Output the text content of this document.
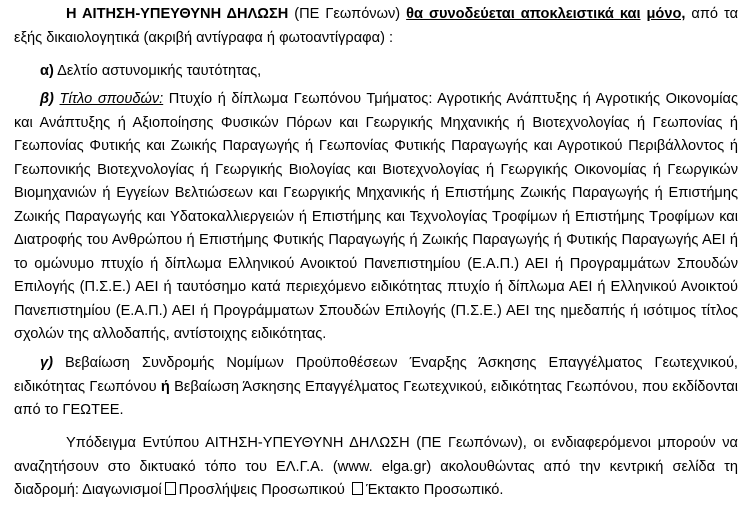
Η ΑΙΤΗΣΗ-ΥΠΕΥΘΥΝΗ ΔΗΛΩΣΗ (ΠΕ Γεωπόνων) θα συνοδεύεται αποκλειστικά και μόνο, από τα εξής δικαιολογητικά (ακριβή αντίγραφα ή φωτοαντίγραφα) :

α) Δελτίο αστυνομικής ταυτότητας,

β) Τίτλο σπουδών: Πτυχίο ή δίπλωμα Γεωπόνου Τμήματος: Αγροτικής Ανάπτυξης ή Αγροτικής Οικονομίας και Ανάπτυξης ή Αξιοποίησης Φυσικών Πόρων και Γεωργικής Μηχανικής ή Βιοτεχνολογίας ή Γεωπονίας ή Γεωπονίας Φυτικής και Ζωικής Παραγωγής ή Γεωπονίας Φυτικής Παραγωγής και Αγροτικού Περιβάλλοντος ή Γεωπονικής Βιοτεχνολογίας ή Γεωργικής Βιολογίας και Βιοτεχνολογίας ή Γεωργικής Οικονομίας ή Γεωργικών Βιομηχανιών ή Εγγείων Βελτιώσεων και Γεωργικής Μηχανικής ή Επιστήμης Ζωικής Παραγωγής ή Επιστήμης Ζωικής Παραγωγής και Υδατοκαλλιεργειών ή Επιστήμης και Τεχνολογίας Τροφίμων ή Επιστήμης Τροφίμων και Διατροφής του Ανθρώπου ή Επιστήμης Φυτικής Παραγωγής ή Ζωικής Παραγωγής ή Φυτικής Παραγωγής ΑΕΙ ή το ομώνυμο πτυχίο ή δίπλωμα Ελληνικού Ανοικτού Πανεπιστημίου (Ε.Α.Π.) ΑΕΙ ή Προγραμμάτων Σπουδών Επιλογής (Π.Σ.Ε.) ΑΕΙ ή ταυτόσημο κατά περιεχόμενο ειδικότητας πτυχίο ή δίπλωμα ΑΕΙ ή Ελληνικού Ανοικτού Πανεπιστημίου (Ε.Α.Π.) ΑΕΙ ή Προγράμματων Σπουδών Επιλογής (Π.Σ.Ε.) ΑΕΙ της ημεδαπής ή ισότιμος τίτλος σχολών της αλλοδαπής, αντίστοιχης ειδικότητας.

γ) Βεβαίωση Συνδρομής Νομίμων Προϋποθέσεων Έναρξης Άσκησης Επαγγέλματος Γεωτεχνικού, ειδικότητας Γεωπόνου ή Βεβαίωση Άσκησης Επαγγέλματος Γεωτεχνικού, ειδικότητας Γεωπόνου, που εκδίδονται από το ΓΕΩΤΕΕ.

Υπόδειγμα Εντύπου ΑΙΤΗΣΗ-ΥΠΕΥΘΥΝΗ ΔΗΛΩΣΗ (ΠΕ Γεωπόνων), οι ενδιαφερόμενοι μπορούν να αναζητήσουν στο δικτυακό τόπο του ΕΛ.Γ.Α. (www. elga.gr) ακολουθώντας από την κεντρική σελίδα τη διαδρομή: Διαγωνισμοί Προσλήψεις Προσωπικού Έκτακτο Προσωπικό.
